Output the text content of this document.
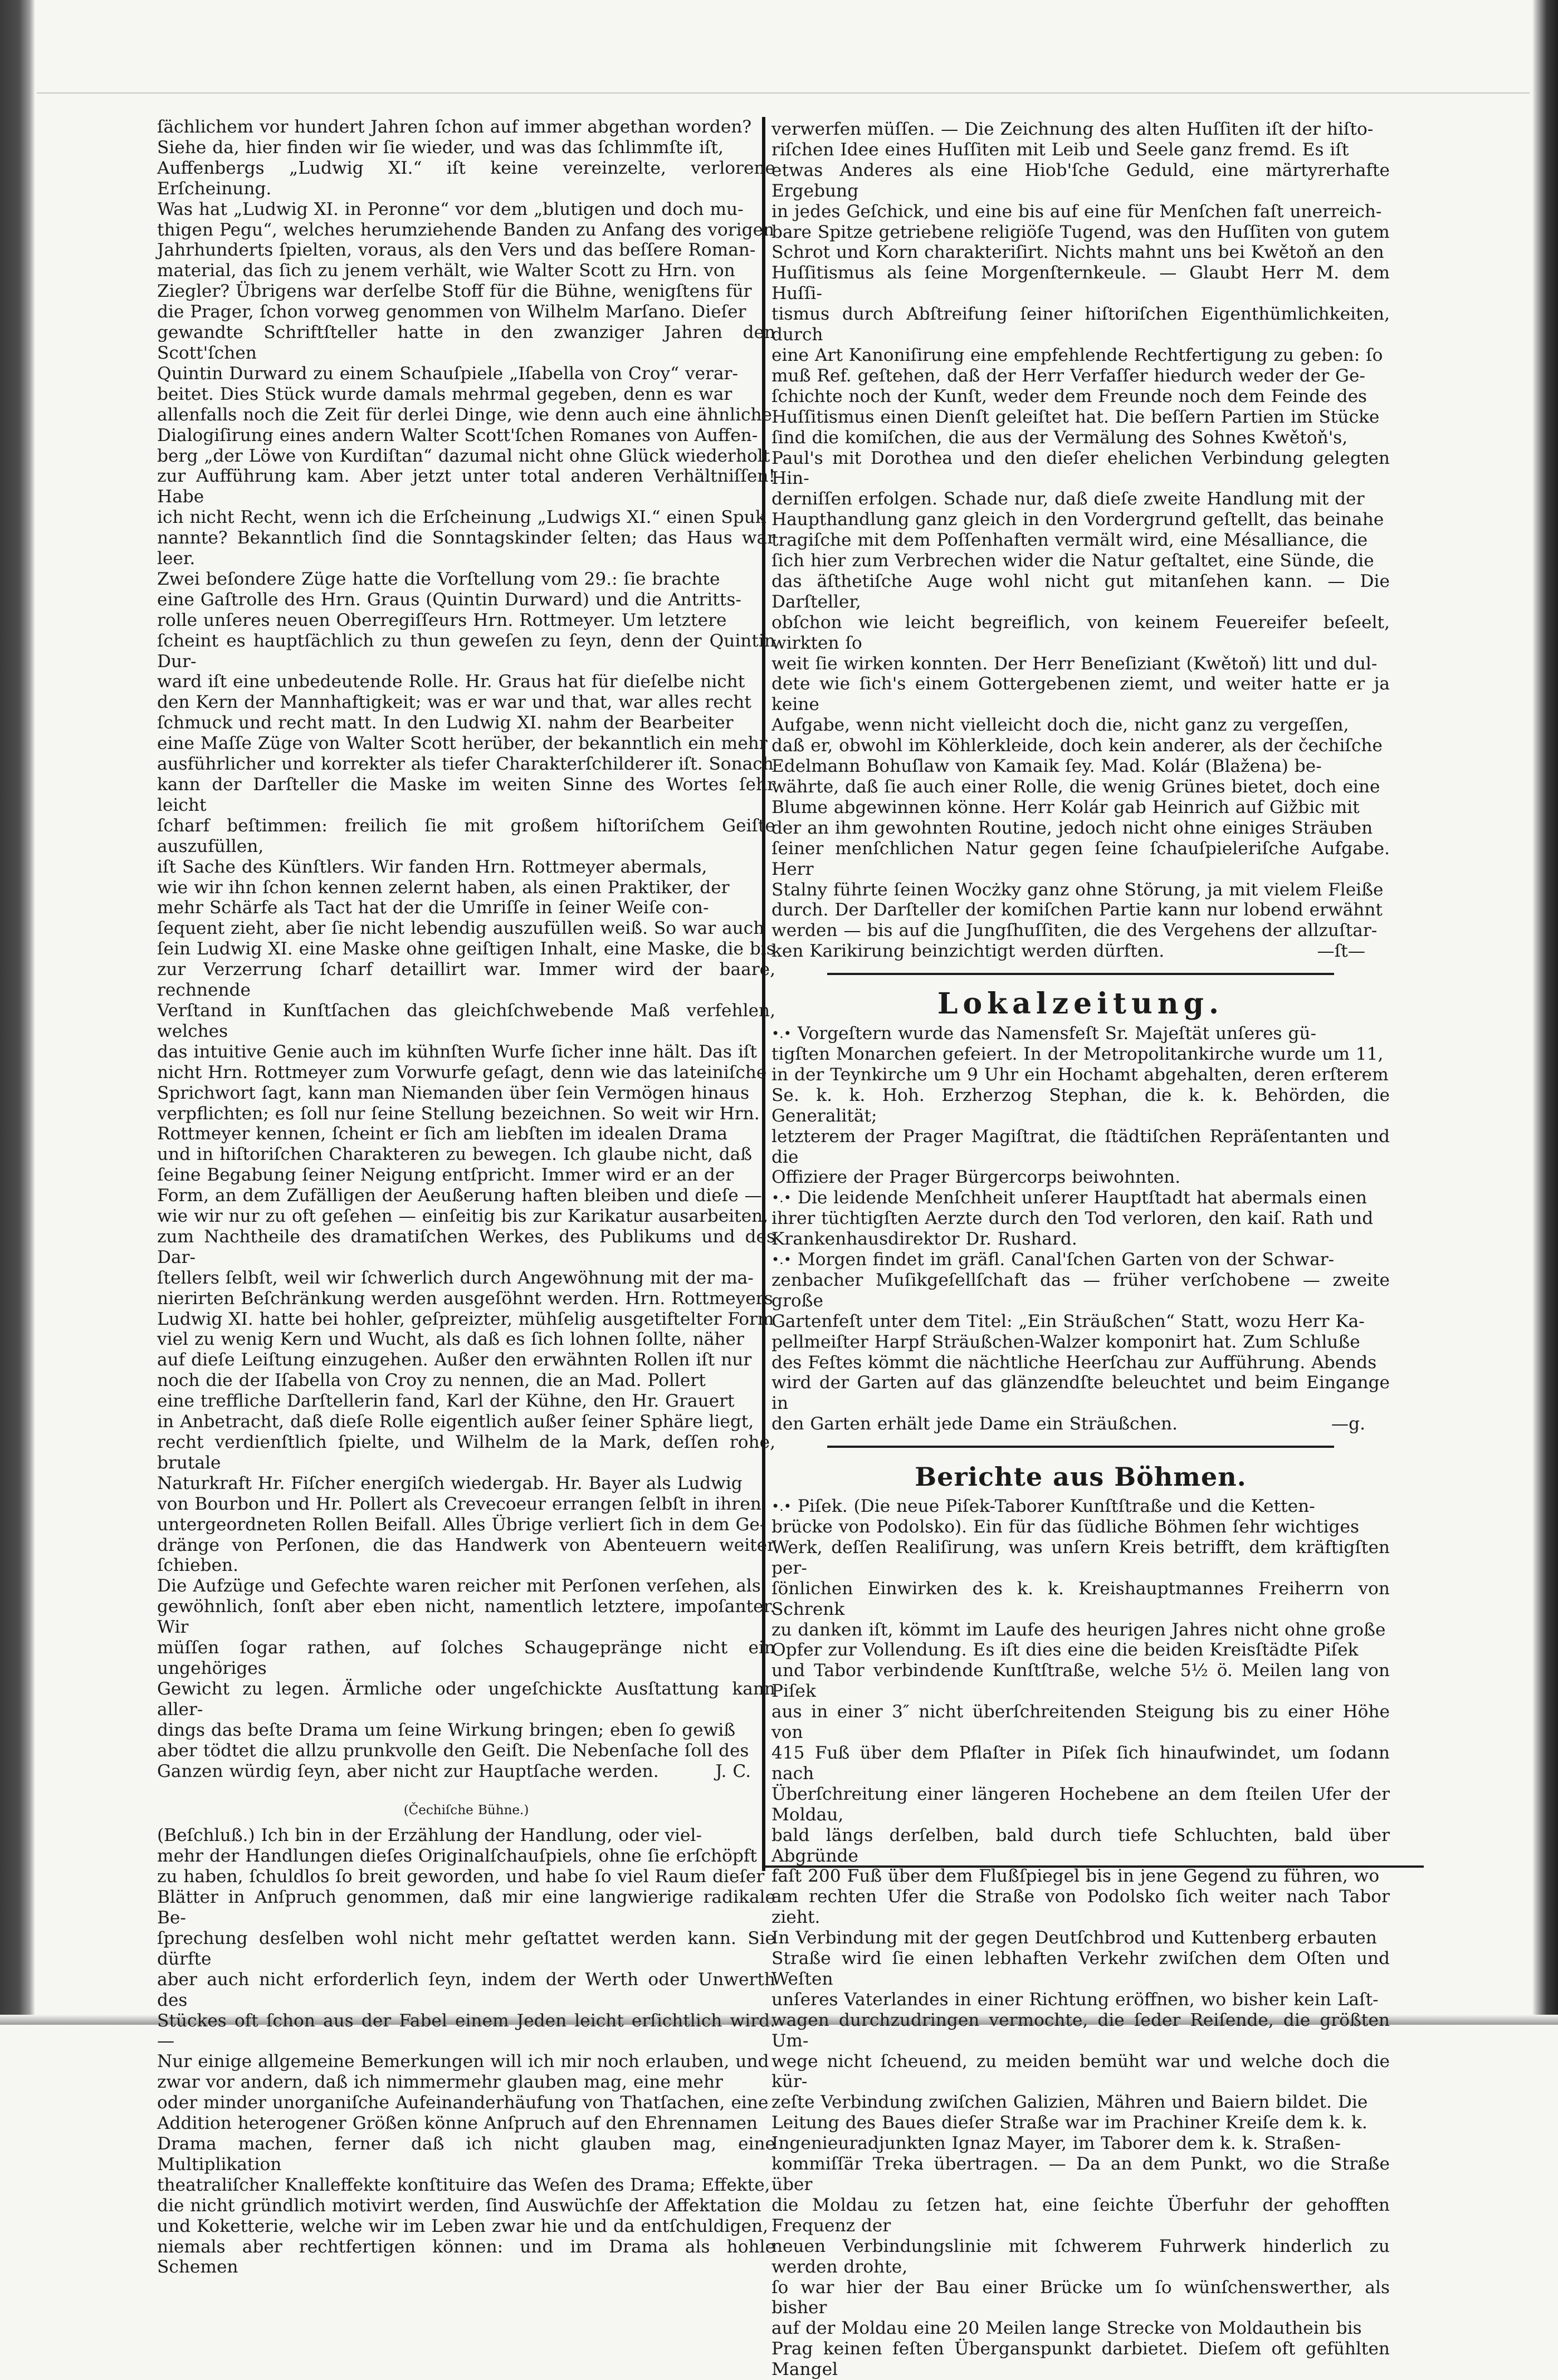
ſächlichem vor hundert Jahren ſchon auf immer abgethan worden?
Siehe da, hier finden wir ſie wieder, und was das ſchlimmſte iſt,
Auffenbergs „Ludwig XI.“ iſt keine vereinzelte, verlorene Erſcheinung.
Was hat „Ludwig XI. in Peronne“ vor dem „blutigen und doch mu-
thigen Pegu“, welches herumziehende Banden zu Anfang des vorigen
Jahrhunderts ſpielten, voraus, als den Vers und das beſſere Roman-
material, das ſich zu jenem verhält, wie Walter Scott zu Hrn. von
Ziegler? Übrigens war derſelbe Stoff für die Bühne, wenigſtens für
die Prager, ſchon vorweg genommen von Wilhelm Marſano. Dieſer
gewandte Schriftſteller hatte in den zwanziger Jahren den Scott'ſchen
Quintin Durward zu einem Schauſpiele „Iſabella von Croy“ verar-
beitet. Dies Stück wurde damals mehrmal gegeben, denn es war
allenfalls noch die Zeit für derlei Dinge, wie denn auch eine ähnliche
Dialogiſirung eines andern Walter Scott'ſchen Romanes von Auffen-
berg „der Löwe von Kurdiſtan“ dazumal nicht ohne Glück wiederholt
zur Aufführung kam. Aber jetzt unter total anderen Verhältniſſen! Habe
ich nicht Recht, wenn ich die Erſcheinung „Ludwigs XI.“ einen Spuk
nannte? Bekanntlich ſind die Sonntagskinder ſelten; das Haus war leer.
Zwei beſondere Züge hatte die Vorſtellung vom 29.: ſie brachte
eine Gaſtrolle des Hrn. Graus (Quintin Durward) und die Antritts-
rolle unſeres neuen Oberregiſſeurs Hrn. Rottmeyer. Um letztere
ſcheint es hauptſächlich zu thun geweſen zu ſeyn, denn der Quintin Dur-
ward iſt eine unbedeutende Rolle. Hr. Graus hat für dieſelbe nicht
den Kern der Mannhaftigkeit; was er war und that, war alles recht
ſchmuck und recht matt. In den Ludwig XI. nahm der Bearbeiter
eine Maſſe Züge von Walter Scott herüber, der bekanntlich ein mehr
ausführlicher und korrekter als tiefer Charakterſchilderer iſt. Sonach
kann der Darſteller die Maske im weiten Sinne des Wortes ſehr leicht
ſcharf beſtimmen: freilich ſie mit großem hiſtoriſchem Geiſte auszufüllen,
iſt Sache des Künſtlers. Wir fanden Hrn. Rottmeyer abermals,
wie wir ihn ſchon kennen zelernt haben, als einen Praktiker, der
mehr Schärfe als Tact hat der die Umriſſe in ſeiner Weiſe con-
ſequent zieht, aber ſie nicht lebendig auszufüllen weiß. So war auch
ſein Ludwig XI. eine Maske ohne geiſtigen Inhalt, eine Maske, die bis
zur Verzerrung ſcharf detaillirt war. Immer wird der baare, rechnende
Verſtand in Kunſtſachen das gleichſchwebende Maß verfehlen, welches
das intuitive Genie auch im kühnſten Wurfe ſicher inne hält. Das iſt
nicht Hrn. Rottmeyer zum Vorwurfe geſagt, denn wie das lateiniſche
Sprichwort ſagt, kann man Niemanden über ſein Vermögen hinaus
verpflichten; es ſoll nur ſeine Stellung bezeichnen. So weit wir Hrn.
Rottmeyer kennen, ſcheint er ſich am liebſten im idealen Drama
und in hiſtoriſchen Charakteren zu bewegen. Ich glaube nicht, daß
ſeine Begabung ſeiner Neigung entſpricht. Immer wird er an der
Form, an dem Zufälligen der Aeußerung haften bleiben und dieſe —
wie wir nur zu oft geſehen — einſeitig bis zur Karikatur ausarbeiten,
zum Nachtheile des dramatiſchen Werkes, des Publikums und des Dar-
ſtellers ſelbſt, weil wir ſchwerlich durch Angewöhnung mit der ma-
nierirten Beſchränkung werden ausgeſöhnt werden. Hrn. Rottmeyers
Ludwig XI. hatte bei hohler, geſpreizter, mühſelig ausgetiftelter Form
viel zu wenig Kern und Wucht, als daß es ſich lohnen ſollte, näher
auf dieſe Leiſtung einzugehen. Außer den erwähnten Rollen iſt nur
noch die der Iſabella von Croy zu nennen, die an Mad. Pollert
eine treffliche Darſtellerin fand, Karl der Kühne, den Hr. Grauert
in Anbetracht, daß dieſe Rolle eigentlich außer ſeiner Sphäre liegt,
recht verdienſtlich ſpielte, und Wilhelm de la Mark, deſſen rohe, brutale
Naturkraft Hr. Fiſcher energiſch wiedergab. Hr. Bayer als Ludwig
von Bourbon und Hr. Pollert als Crevecoeur errangen ſelbſt in ihren
untergeordneten Rollen Beifall. Alles Übrige verliert ſich in dem Ge-
dränge von Perſonen, die das Handwerk von Abenteuern weiter ſchieben.
Die Aufzüge und Gefechte waren reicher mit Perſonen verſehen, als
gewöhnlich, ſonſt aber eben nicht, namentlich letztere, impoſanter. Wir
müſſen ſogar rathen, auf ſolches Schaugepränge nicht ein ungehöriges
Gewicht zu legen. Ärmliche oder ungeſchickte Ausſtattung kann aller-
dings das beſte Drama um ſeine Wirkung bringen; eben ſo gewiß
aber tödtet die allzu prunkvolle den Geiſt. Die Nebenſache ſoll des
Ganzen würdig ſeyn, aber nicht zur Hauptſache werden.	J. C.
(Čechiſche Bühne.)
(Beſchluß.) Ich bin in der Erzählung der Handlung, oder viel-
mehr der Handlungen dieſes Originalſchauſpiels, ohne ſie erſchöpft
zu haben, ſchuldlos ſo breit geworden, und habe ſo viel Raum dieſer
Blätter in Anſpruch genommen, daß mir eine langwierige radikale Be-
ſprechung desſelben wohl nicht mehr geſtattet werden kann. Sie dürfte
aber auch nicht erforderlich ſeyn, indem der Werth oder Unwerth des
Stückes oft ſchon aus der Fabel einem Jeden leicht erſichtlich wird. —
Nur einige allgemeine Bemerkungen will ich mir noch erlauben, und
zwar vor andern, daß ich nimmermehr glauben mag, eine mehr
oder minder unorganiſche Aufeinanderhäufung von Thatſachen, eine
Addition heterogener Größen könne Anſpruch auf den Ehrennamen
Drama machen, ferner daß ich nicht glauben mag, eine Multiplikation
theatraliſcher Knalleffekte konſtituire das Weſen des Drama; Effekte,
die nicht gründlich motivirt werden, ſind Auswüchſe der Affektation
und Koketterie, welche wir im Leben zwar hie und da entſchuldigen,
niemals aber rechtfertigen können: und im Drama als hohle Schemen
verwerfen müſſen. — Die Zeichnung des alten Huſſiten iſt der hiſto-
riſchen Idee eines Huſſiten mit Leib und Seele ganz fremd. Es iſt
etwas Anderes als eine Hiob'ſche Geduld, eine märtyrerhafte Ergebung
in jedes Geſchick, und eine bis auf eine für Menſchen faſt unerreich-
bare Spitze getriebene religiöſe Tugend, was den Huſſiten von gutem
Schrot und Korn charakteriſirt. Nichts mahnt uns bei Kwětoň an den
Huſſitismus als ſeine Morgenſternkeule. — Glaubt Herr M. dem Huſſi-
tismus durch Abſtreifung ſeiner hiſtoriſchen Eigenthümlichkeiten, durch
eine Art Kanoniſirung eine empfehlende Rechtfertigung zu geben: ſo
muß Ref. geſtehen, daß der Herr Verfaſſer hiedurch weder der Ge-
ſchichte noch der Kunſt, weder dem Freunde noch dem Feinde des
Huſſitismus einen Dienſt geleiſtet hat. Die beſſern Partien im Stücke
ſind die komiſchen, die aus der Vermälung des Sohnes Kwětoň's,
Paul's mit Dorothea und den dieſer ehelichen Verbindung gelegten Hin-
derniſſen erfolgen. Schade nur, daß dieſe zweite Handlung mit der
Haupthandlung ganz gleich in den Vordergrund geſtellt, das beinahe
tragiſche mit dem Poſſenhaften vermält wird, eine Mésalliance, die
ſich hier zum Verbrechen wider die Natur geſtaltet, eine Sünde, die
das äſthetiſche Auge wohl nicht gut mitanſehen kann. — Die Darſteller,
obſchon wie leicht begreiflich, von keinem Feuereifer beſeelt, wirkten ſo
weit ſie wirken konnten. Der Herr Beneſiziant (Kwětoň) litt und dul-
dete wie ſich's einem Gottergebenen ziemt, und weiter hatte er ja keine
Aufgabe, wenn nicht vielleicht doch die, nicht ganz zu vergeſſen,
daß er, obwohl im Köhlerkleide, doch kein anderer, als der čechiſche
Edelmann Bohuſlaw von Kamaik ſey. Mad. Kolár (Blažena) be-
währte, daß ſie auch einer Rolle, die wenig Grünes bietet, doch eine
Blume abgewinnen könne. Herr Kolár gab Heinrich auf Gižbic mit
der an ihm gewohnten Routine, jedoch nicht ohne einiges Sträuben
ſeiner menſchlichen Natur gegen ſeine ſchauſpieleriſche Aufgabe. Herr
Stalny führte ſeinen Wocżky ganz ohne Störung, ja mit vielem Fleiße
durch. Der Darſteller der komiſchen Partie kann nur lobend erwähnt
werden — bis auf die Jungſhuſſiten, die des Vergehens der allzuſtar-
ken Karikirung beinzichtigt werden dürften.	—ſt—
Lokalzeitung.
•.• Vorgeſtern wurde das Namensfeſt Sr. Majeſtät unſeres gü-
tigſten Monarchen gefeiert. In der Metropolitankirche wurde um 11,
in der Teynkirche um 9 Uhr ein Hochamt abgehalten, deren erſterem
Se. k. k. Hoh. Erzherzog Stephan, die k. k. Behörden, die Generalität;
letzterem der Prager Magiſtrat, die ſtädtiſchen Repräſentanten und die
Offiziere der Prager Bürgercorps beiwohnten.
•.• Die leidende Menſchheit unſerer Hauptſtadt hat abermals einen
ihrer tüchtigſten Aerzte durch den Tod verloren, den kaiſ. Rath und
Krankenhausdirektor Dr. Rushard.
•.• Morgen findet im gräfl. Canal'ſchen Garten von der Schwar-
zenbacher Muſikgeſellſchaft das — früher verſchobene — zweite große
Gartenfeſt unter dem Titel: „Ein Sträußchen“ Statt, wozu Herr Ka-
pellmeiſter Harpf Sträußchen-Walzer komponirt hat. Zum Schluße
des Feſtes kömmt die nächtliche Heerſchau zur Aufführung. Abends
wird der Garten auf das glänzendſte beleuchtet und beim Eingange in
den Garten erhält jede Dame ein Sträußchen.	—g.
Berichte aus Böhmen.
•.• Piſek. (Die neue Piſek-Taborer Kunſtſtraße und die Ketten-
brücke von Podolsko). Ein für das ſüdliche Böhmen ſehr wichtiges
Werk, deſſen Realiſirung, was unſern Kreis betrifft, dem kräftigſten per-
ſönlichen Einwirken des k. k. Kreishauptmannes Freiherrn von Schrenk
zu danken iſt, kömmt im Laufe des heurigen Jahres nicht ohne große
Opfer zur Vollendung. Es iſt dies eine die beiden Kreisſtädte Piſek
und Tabor verbindende Kunſtſtraße, welche 5½ ö. Meilen lang von Piſek
aus in einer 3″ nicht überſchreitenden Steigung bis zu einer Höhe von
415 Fuß über dem Pflaſter in Piſek ſich hinaufwindet, um ſodann nach
Überſchreitung einer längeren Hochebene an dem ſteilen Ufer der Moldau,
bald längs derſelben, bald durch tiefe Schluchten, bald über Abgründe
faſt 200 Fuß über dem Flußſpiegel bis in jene Gegend zu führen, wo
am rechten Ufer die Straße von Podolsko ſich weiter nach Tabor zieht.
In Verbindung mit der gegen Deutſchbrod und Kuttenberg erbauten
Straße wird ſie einen lebhaften Verkehr zwiſchen dem Oſten und Weſten
unſeres Vaterlandes in einer Richtung eröffnen, wo bisher kein Laſt-
wagen durchzudringen vermochte, die ſeder Reiſende, die größten Um-
wege nicht ſcheuend, zu meiden bemüht war und welche doch die kür-
zeſte Verbindung zwiſchen Galizien, Mähren und Baiern bildet. Die
Leitung des Baues dieſer Straße war im Prachiner Kreiſe dem k. k.
Ingenieuradjunkten Ignaz Mayer, im Taborer dem k. k. Straßen-
kommiſſär Treka übertragen. — Da an dem Punkt, wo die Straße über
die Moldau zu ſetzen hat, eine ſeichte Überfuhr der gehofften Frequenz der
neuen Verbindungslinie mit ſchwerem Fuhrwerk hinderlich zu werden drohte,
ſo war hier der Bau einer Brücke um ſo wünſchenswerther, als bisher
auf der Moldau eine 20 Meilen lange Strecke von Moldauthein bis
Prag keinen feſten Überganspunkt darbietet. Dieſem oft gefühlten Mangel
